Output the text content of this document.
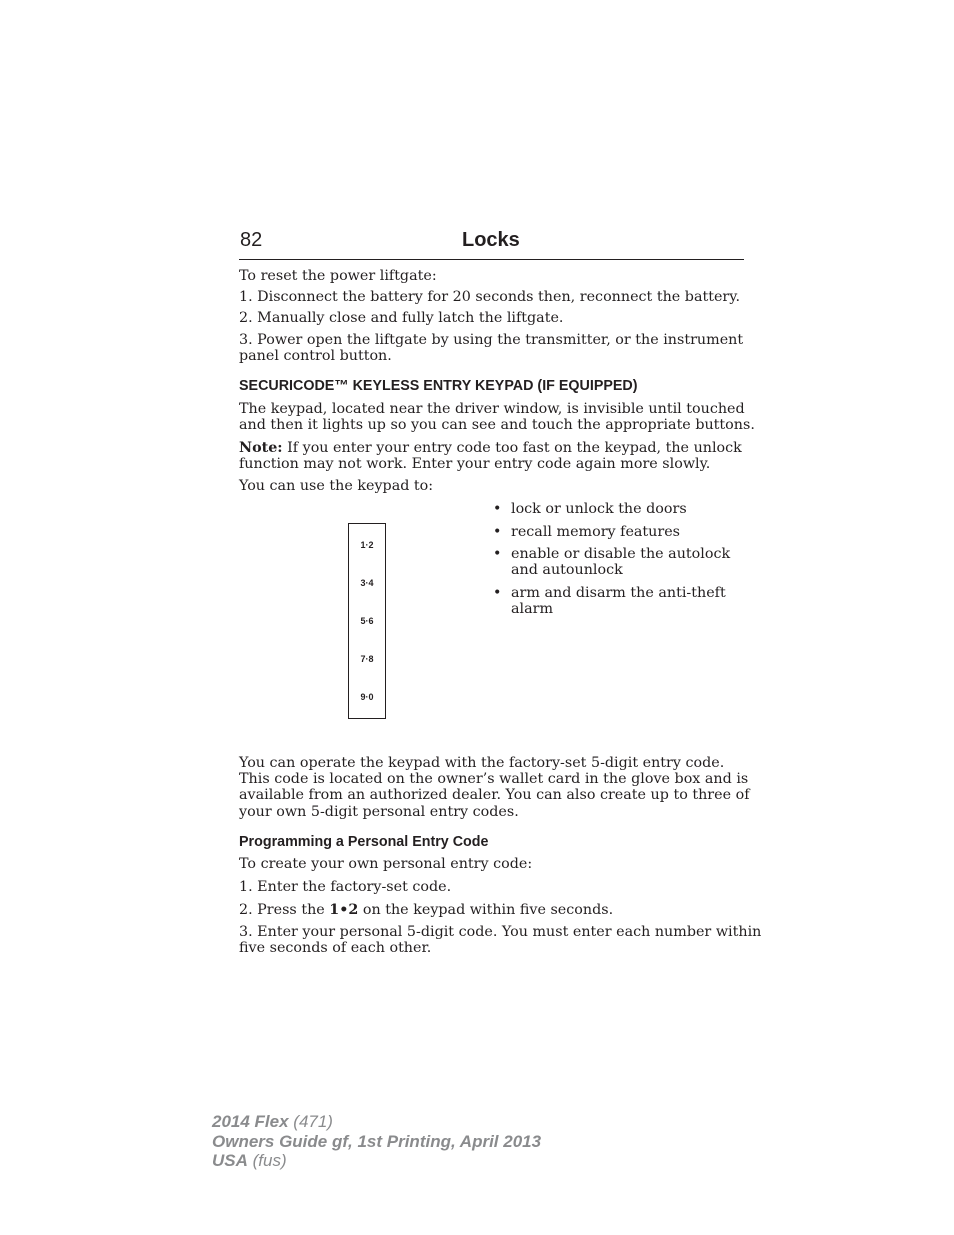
82	Locks
To reset the power liftgate:
1. Disconnect the battery for 20 seconds then, reconnect the battery.
2. Manually close and fully latch the liftgate.
3. Power open the liftgate by using the transmitter, or the instrument
panel control button.
SECURICODE™ KEYLESS ENTRY KEYPAD (IF EQUIPPED)
The keypad, located near the driver window, is invisible until touched
and then it lights up so you can see and touch the appropriate buttons.
Note: If you enter your entry code too fast on the keypad, the unlock
function may not work. Enter your entry code again more slowly.
You can use the keypad to:
1·2
3·4
5·6
7·8
9·0
• lock or unlock the doors
• recall memory features
• enable or disable the autolock
and autounlock
• arm and disarm the anti-theft
alarm
You can operate the keypad with the factory-set 5-digit entry code.
This code is located on the owner’s wallet card in the glove box and is
available from an authorized dealer. You can also create up to three of
your own 5-digit personal entry codes.
Programming a Personal Entry Code
To create your own personal entry code:
1. Enter the factory-set code.
2. Press the 1•2 on the keypad within five seconds.
3. Enter your personal 5-digit code. You must enter each number within
five seconds of each other.
2014 Flex (471)
Owners Guide gf, 1st Printing, April 2013
USA (fus)
